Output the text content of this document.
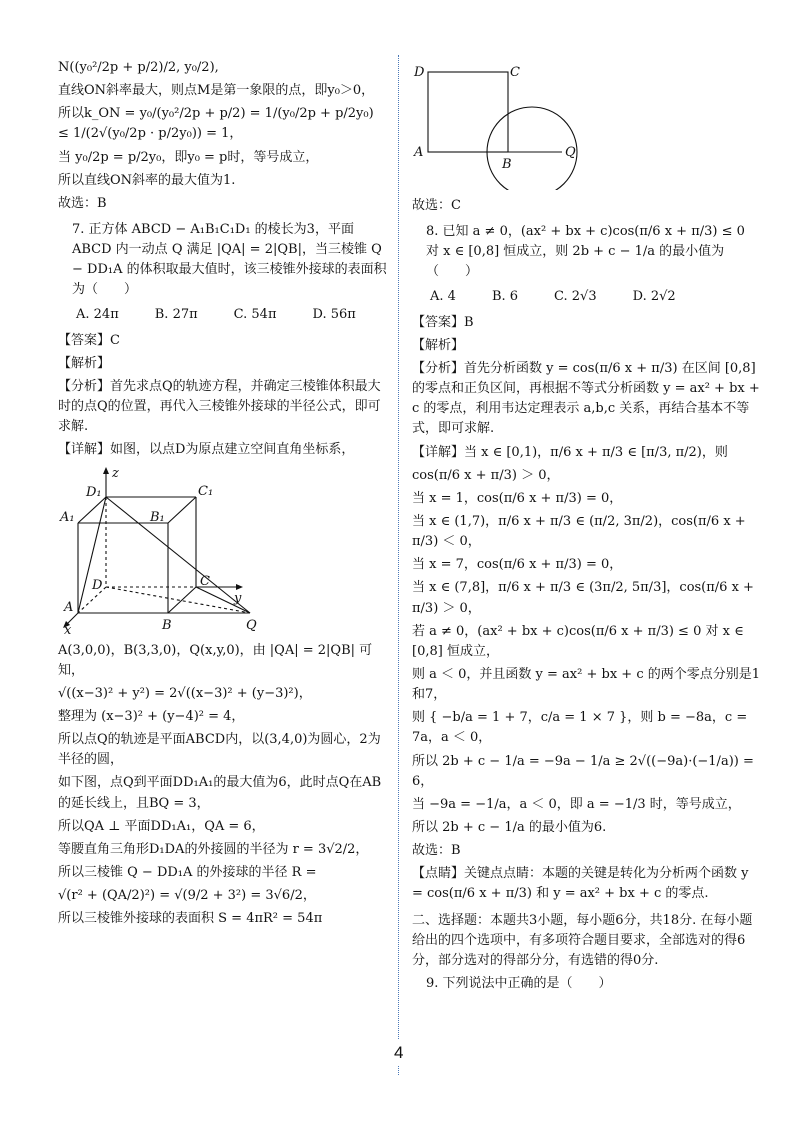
N((y₀²/2p + p/2)/2, y₀/2),
直线ON斜率最大，则点M是第一象限的点，即y₀＞0，
所以k_ON = y₀/(y₀²/2p + p/2) = 1/(y₀/2p + p/2y₀) ≤ 1/(2√(y₀/2p · p/2y₀)) = 1，
当 y₀/2p = p/2y₀，即y₀ = p时，等号成立，
所以直线ON斜率的最大值为1.
故选：B
7. 正方体 ABCD − A₁B₁C₁D₁ 的棱长为3，平面 ABCD 内一动点 Q 满足 |QA| = 2|QB|，当三棱锥 Q − DD₁A 的体积取最大值时，该三棱锥外接球的表面积为（　　）
A. 24π	B. 27π	C. 54π	D. 56π
【答案】C
【解析】
【分析】首先求点Q的轨迹方程，并确定三棱锥体积最大时的点Q的位置，再代入三棱锥外接球的半径公式，即可求解.
【详解】如图，以点D为原点建立空间直角坐标系，
z
x
y
D₁	C₁
A₁	B₁
D	C
A
B	Q
A(3,0,0)，B(3,3,0)，Q(x,y,0)，由 |QA| = 2|QB| 可知，
√((x−3)² + y²) = 2√((x−3)² + (y−3)²)，
整理为 (x−3)² + (y−4)² = 4，
所以点Q的轨迹是平面ABCD内，以(3,4,0)为圆心，2为半径的圆，
如下图，点Q到平面DD₁A₁的最大值为6，此时点Q在AB的延长线上，且BQ = 3，
所以QA ⊥ 平面DD₁A₁，QA = 6，
等腰直角三角形D₁DA的外接圆的半径为 r = 3√2/2，
所以三棱锥 Q − DD₁A 的外接球的半径 R =
√(r² + (QA/2)²) = √(9/2 + 3²) = 3√6/2，
所以三棱锥外接球的表面积 S = 4πR² = 54π
D	C
A
B
Q
故选：C
8. 已知 a ≠ 0，(ax² + bx + c)cos(π/6 x + π/3) ≤ 0 对 x ∈ [0,8] 恒成立，则 2b + c − 1/a 的最小值为（　　）
A. 4	B. 6	C. 2√3	D. 2√2
【答案】B
【解析】
【分析】首先分析函数 y = cos(π/6 x + π/3) 在区间 [0,8] 的零点和正负区间，再根据不等式分析函数 y = ax² + bx + c 的零点，利用韦达定理表示 a,b,c 关系，再结合基本不等式，即可求解.
【详解】当 x ∈ [0,1)，π/6 x + π/3 ∈ [π/3, π/2)，则
cos(π/6 x + π/3) ＞ 0，
当 x = 1，cos(π/6 x + π/3) = 0，
当 x ∈ (1,7)，π/6 x + π/3 ∈ (π/2, 3π/2)，cos(π/6 x + π/3) ＜ 0，
当 x = 7，cos(π/6 x + π/3) = 0，
当 x ∈ (7,8]，π/6 x + π/3 ∈ (3π/2, 5π/3]，cos(π/6 x + π/3) ＞ 0，
若 a ≠ 0，(ax² + bx + c)cos(π/6 x + π/3) ≤ 0 对 x ∈ [0,8] 恒成立，
则 a ＜ 0，并且函数 y = ax² + bx + c 的两个零点分别是1和7，
则 { −b/a = 1 + 7，c/a = 1 × 7 }，则 b = −8a，c = 7a，a ＜ 0，
所以 2b + c − 1/a = −9a − 1/a ≥ 2√((−9a)·(−1/a)) = 6，
当 −9a = −1/a，a ＜ 0，即 a = −1/3 时，等号成立，
所以 2b + c − 1/a 的最小值为6.
故选：B
【点睛】关键点点睛：本题的关键是转化为分析两个函数 y = cos(π/6 x + π/3) 和 y = ax² + bx + c 的零点.
二、选择题：本题共3小题，每小题6分，共18分. 在每小题给出的四个选项中，有多项符合题目要求，全部选对的得6分，部分选对的得部分分，有选错的得0分.
9. 下列说法中正确的是（　　）
4
